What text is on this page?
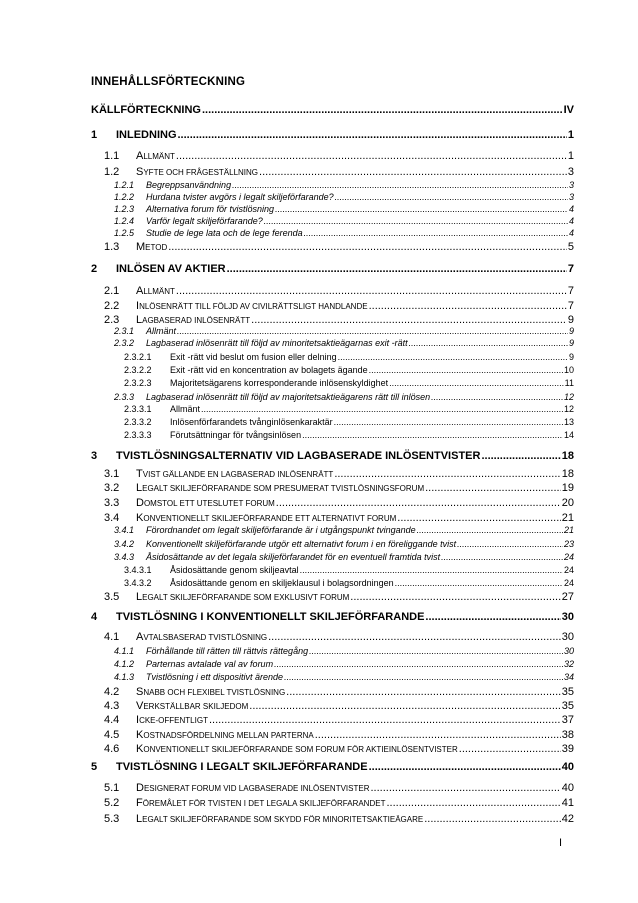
INNEHÅLLSFÖRTECKNING
KÄLLFÖRTECKNING .....	IV
1	INLEDNING .....	1
1.1	ALLMÄNT .....	1
1.2	SYFTE OCH FRÅGESTÄLLNING .....	3
1.2.1	Begreppsanvändning .....	3
1.2.2	Hurdana tvister avgörs i legalt skiljeförfarande? .....	3
1.2.3	Alternativa forum för tvistlösning .....	4
1.2.4	Varför legalt skiljeförfarande? .....	4
1.2.5	Studie de lege lata och de lege ferenda .....	4
1.3	METOD .....	5
2	INLÖSEN AV AKTIER .....	7
2.1	ALLMÄNT .....	7
2.2	INLÖSENRÄTT TILL FÖLJD AV CIVILRÄTTSLIGT HANDLANDE .....	7
2.3	LAGBASERAD INLÖSENRÄTT .....	9
2.3.1	Allmänt .....	9
2.3.2	Lagbaserad inlösenrätt till följd av minoritetsaktieägarnas exit -rätt .....	9
2.3.2.1	Exit -rätt vid beslut om fusion eller delning .....	9
2.3.2.2	Exit -rätt vid en koncentration av bolagets ägande .....	10
2.3.2.3	Majoritetsägarens korresponderande inlösenskyldighet .....	11
2.3.3	Lagbaserad inlösenrätt till följd av majoritetsaktieägarens rätt till inlösen .....	12
2.3.3.1	Allmänt .....	12
2.3.3.2	Inlösenförfarandets tvånginlösenkaraktär .....	13
2.3.3.3	Förutsättningar för tvångsinlösen .....	14
3	TVISTLÖSNINGSALTERNATIV VID LAGBASERADE INLÖSENTVISTER .....	18
3.1	TVIST GÄLLANDE EN LAGBASERAD INLÖSENRÄTT .....	18
3.2	LEGALT SKILJEFÖRFARANDE SOM PRESUMERAT TVISTLÖSNINGSFORUM .....	19
3.3	DOMSTOL ETT UTESLUTET FORUM .....	20
3.4	KONVENTIONELLT SKILJEFÖRFARANDE ETT ALTERNATIVT FORUM .....	21
3.4.1	Förordnandet om legalt skiljeförfarande är i utgångspunkt tvingande .....	21
3.4.2	Konventionellt skiljeförfarande utgör ett alternativt forum i en föreliggande tvist .....	23
3.4.3	Åsidosättande av det legala skiljeförfarandet för en eventuell framtida tvist .....	24
3.4.3.1	Åsidosättande genom skiljeavtal .....	24
3.4.3.2	Åsidosättande genom en skiljeklausul i bolagsordningen .....	24
3.5	LEGALT SKILJEFÖRFARANDE SOM EXKLUSIVT FORUM .....	27
4	TVISTLÖSNING I KONVENTIONELLT SKILJEFÖRFARANDE .....	30
4.1	AVTALSBASERAD TVISTLÖSNING .....	30
4.1.1	Förhållande till rätten till rättvis rättegång .....	30
4.1.2	Parternas avtalade val av forum .....	32
4.1.3	Tvistlösning i ett dispositivt ärende .....	34
4.2	SNABB OCH FLEXIBEL TVISTLÖSNING .....	35
4.3	VERKSTÄLLBAR SKILJEDOM .....	35
4.4	ICKE-OFFENTLIGT .....	37
4.5	KOSTNADSFÖRDELNING MELLAN PARTERNA .....	38
4.6	KONVENTIONELLT SKILJEFÖRFARANDE SOM FORUM FÖR AKTIEINLÖSENTVISTER .....	39
5	TVISTLÖSNING I LEGALT SKILJEFÖRFARANDE .....	40
5.1	DESIGNERAT FORUM VID LAGBASERADE INLÖSENTVISTER .....	40
5.2	FÖREMÅLET FÖR TVISTEN I DET LEGALA SKILJEFÖRFARANDET .....	41
5.3	LEGALT SKILJEFÖRFARANDE SOM SKYDD FÖR MINORITETSAKTIEÄGARE .....	42
I
